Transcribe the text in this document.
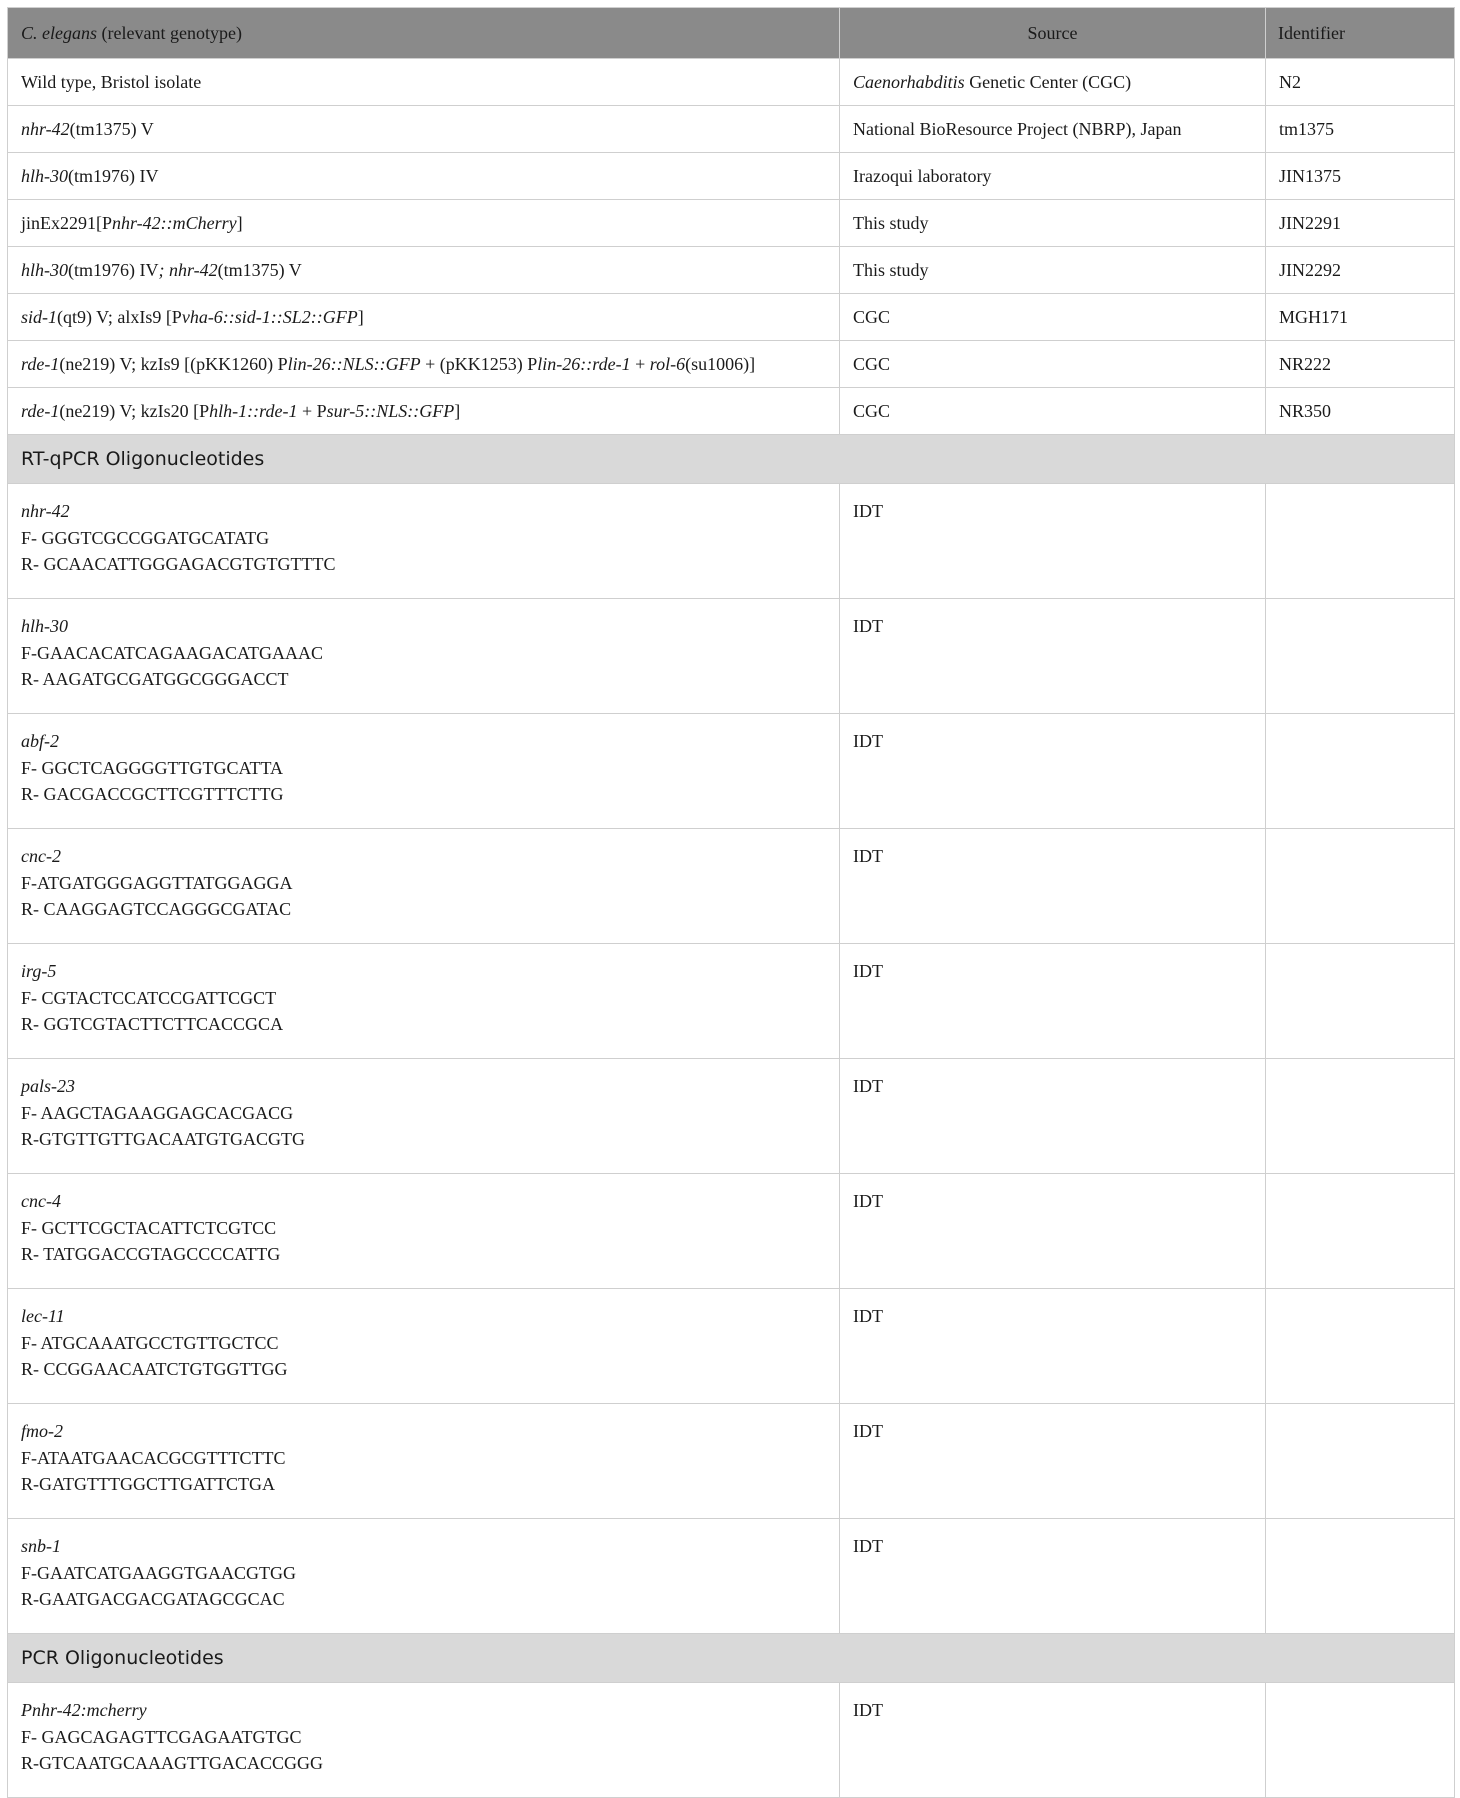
C. elegans (relevant genotype)	Source	Identifier
Wild type, Bristol isolate	Caenorhabditis Genetic Center (CGC)	N2
nhr-42(tm1375) V	National BioResource Project (NBRP), Japan	tm1375
hlh-30(tm1976) IV	Irazoqui laboratory	JIN1375
jinEx2291[Pnhr-42::mCherry]	This study	JIN2291
hlh-30(tm1976) IV; nhr-42(tm1375) V	This study	JIN2292
sid-1(qt9) V; alxIs9 [Pvha-6::sid-1::SL2::GFP]	CGC	MGH171
rde-1(ne219) V; kzIs9 [(pKK1260) Plin-26::NLS::GFP + (pKK1253) Plin-26::rde-1 + rol-6(su1006)]	CGC	NR222
rde-1(ne219) V; kzIs20 [Phlh-1::rde-1 + Psur-5::NLS::GFP]	CGC	NR350
RT-qPCR Oligonucleotides		

nhr-42
F- GGGTCGCCGGATGCATATG
R- GCAACATTGGGAGACGTGTGTTTC	IDT	

hlh-30
F-GAACACATCAGAAGACATGAAAC
R- AAGATGCGATGGCGGGACCT	IDT	

abf-2
F- GGCTCAGGGGTTGTGCATTA
R- GACGACCGCTTCGTTTCTTG	IDT	

cnc-2
F-ATGATGGGAGGTTATGGAGGA
R- CAAGGAGTCCAGGGCGATAC	IDT	

irg-5
F- CGTACTCCATCCGATTCGCT
R- GGTCGTACTTCTTCACCGCA	IDT	

pals-23
F- AAGCTAGAAGGAGCACGACG
R-GTGTTGTTGACAATGTGACGTG	IDT	

cnc-4
F- GCTTCGCTACATTCTCGTCC
R- TATGGACCGTAGCCCCATTG	IDT	

lec-11
F- ATGCAAATGCCTGTTGCTCC
R- CCGGAACAATCTGTGGTTGG	IDT	

fmo-2
F-ATAATGAACACGCGTTTCTTC
R-GATGTTTGGCTTGATTCTGA	IDT	

snb-1
F-GAATCATGAAGGTGAACGTGG
R-GAATGACGACGATAGCGCAC	IDT	
PCR Oligonucleotides		

Pnhr-42:mcherry
F- GAGCAGAGTTCGAGAATGTGC
R-GTCAATGCAAAGTTGACACCGGG	IDT	
